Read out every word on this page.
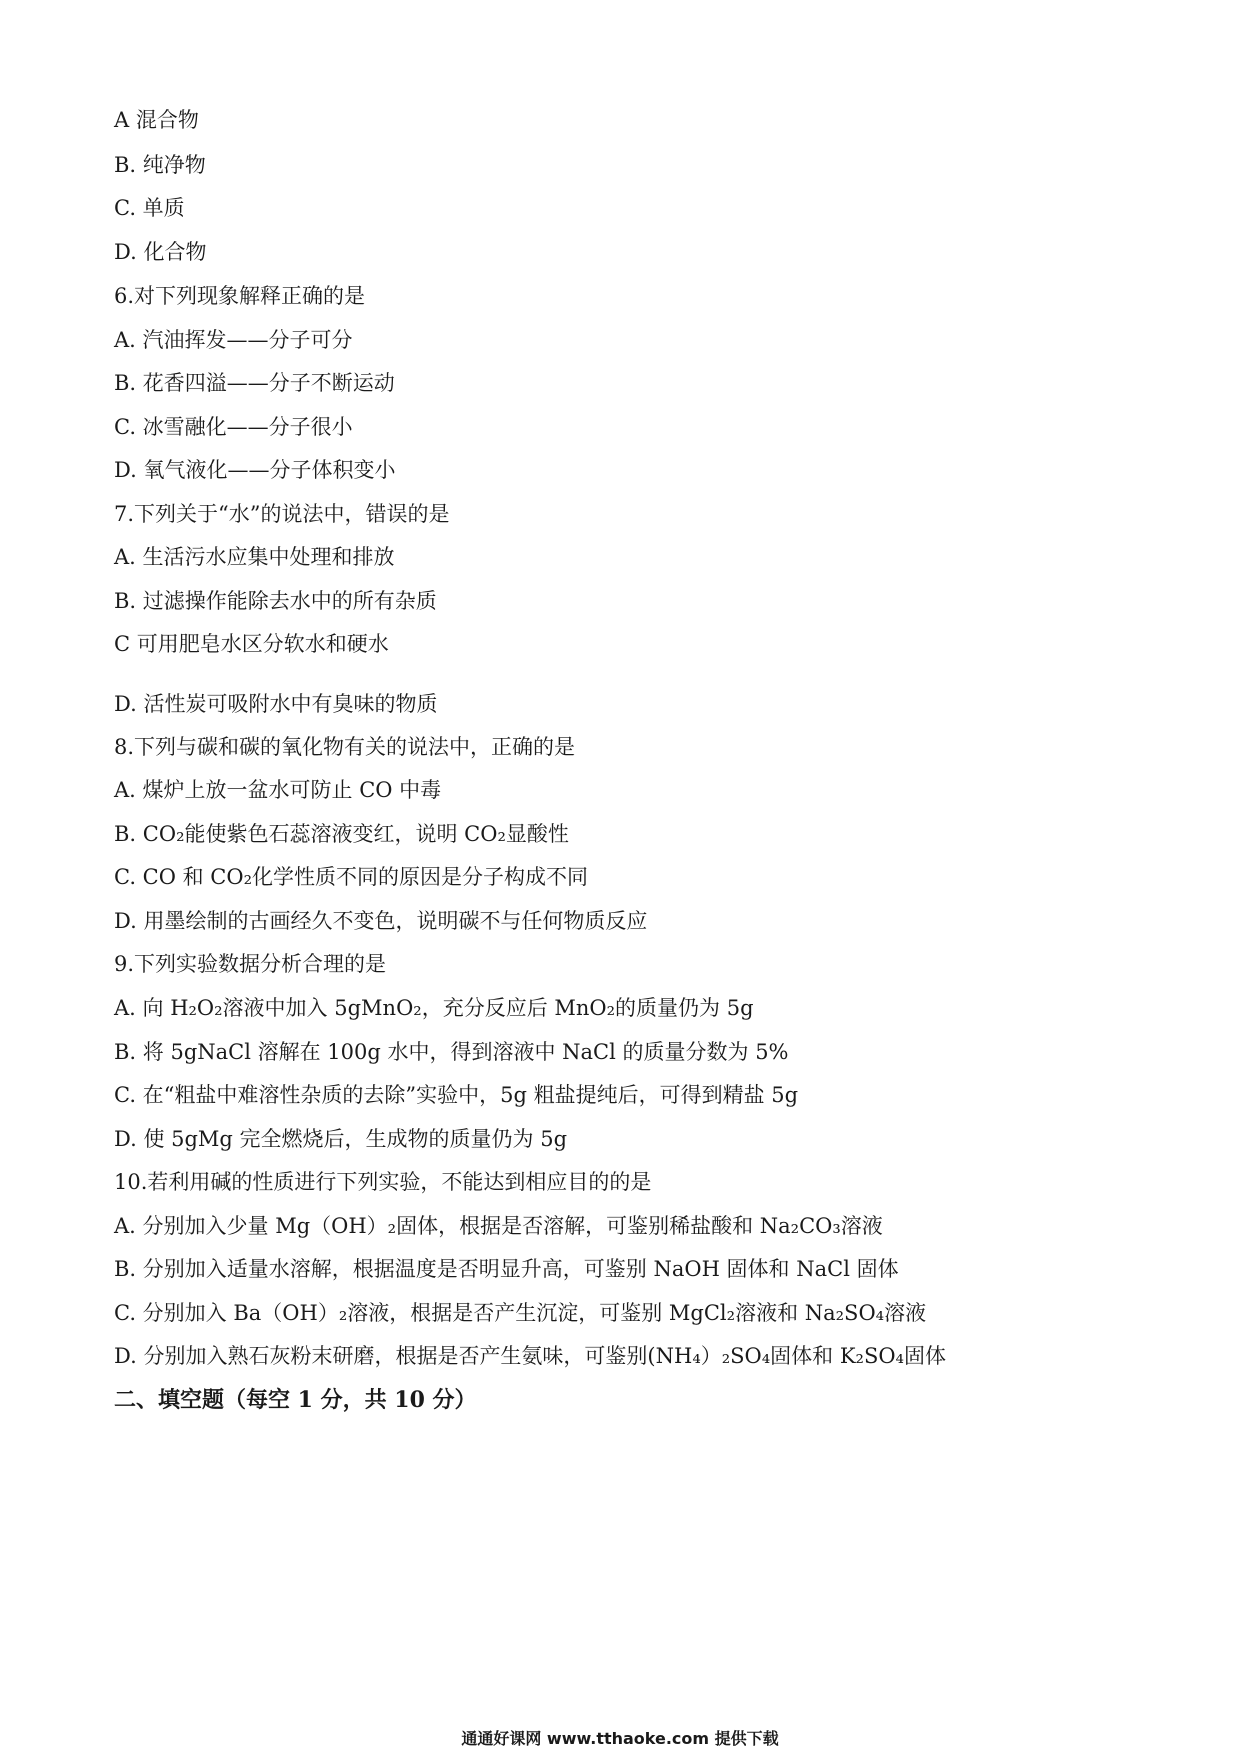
A 混合物
B. 纯净物
C. 单质
D. 化合物
6.对下列现象解释正确的是
A. 汽油挥发——分子可分
B. 花香四溢——分子不断运动
C. 冰雪融化——分子很小
D. 氧气液化——分子体积变小
7.下列关于“水”的说法中，错误的是
A. 生活污水应集中处理和排放
B. 过滤操作能除去水中的所有杂质
C 可用肥皂水区分软水和硬水
D. 活性炭可吸附水中有臭味的物质
8.下列与碳和碳的氧化物有关的说法中，正确的是
A. 煤炉上放一盆水可防止 CO 中毒
B. CO₂能使紫色石蕊溶液变红，说明 CO₂显酸性
C. CO 和 CO₂化学性质不同的原因是分子构成不同
D. 用墨绘制的古画经久不变色，说明碳不与任何物质反应
9.下列实验数据分析合理的是
A. 向 H₂O₂溶液中加入 5gMnO₂，充分反应后 MnO₂的质量仍为 5g
B. 将 5gNaCl 溶解在 100g 水中，得到溶液中 NaCl 的质量分数为 5%
C. 在“粗盐中难溶性杂质的去除”实验中，5g 粗盐提纯后，可得到精盐 5g
D. 使 5gMg 完全燃烧后，生成物的质量仍为 5g
10.若利用碱的性质进行下列实验，不能达到相应目的的是
A. 分别加入少量 Mg（OH）₂固体，根据是否溶解，可鉴别稀盐酸和 Na₂CO₃溶液
B. 分别加入适量水溶解，根据温度是否明显升高，可鉴别 NaOH 固体和 NaCl 固体
C. 分别加入 Ba（OH）₂溶液，根据是否产生沉淀，可鉴别 MgCl₂溶液和 Na₂SO₄溶液
D. 分别加入熟石灰粉末研磨，根据是否产生氨味，可鉴别(NH₄）₂SO₄固体和 K₂SO₄固体
二、填空题（每空 1 分，共 10 分）
通通好课网 www.tthaoke.com 提供下载
